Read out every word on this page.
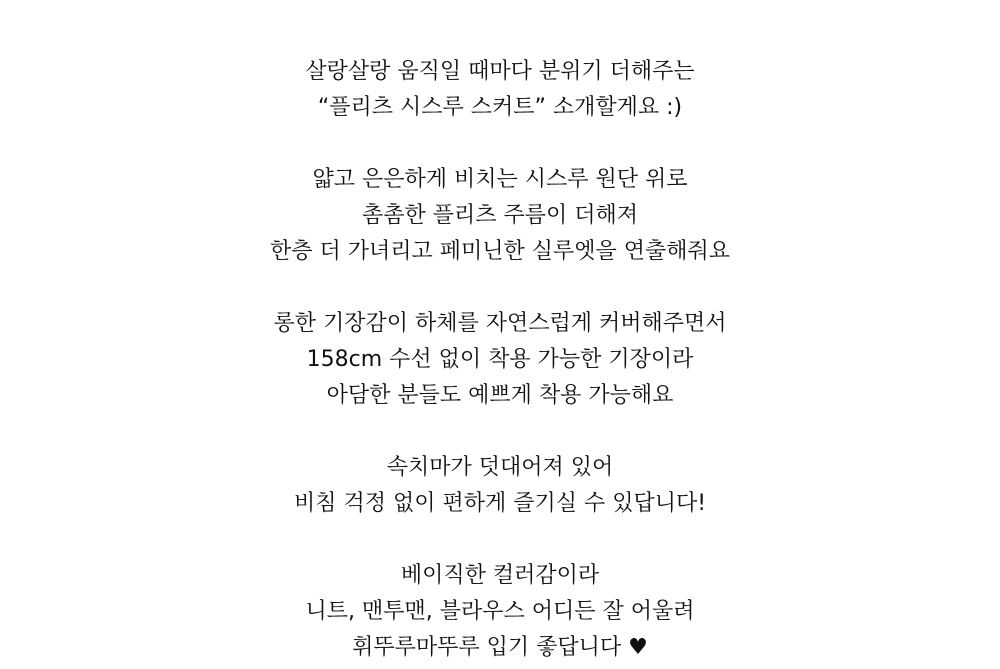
살랑살랑 움직일 때마다 분위기 더해주는
“플리츠 시스루 스커트” 소개할게요 :)
얇고 은은하게 비치는 시스루 원단 위로
촘촘한 플리츠 주름이 더해져
한층 더 가녀리고 페미닌한 실루엣을 연출해줘요
롱한 기장감이 하체를 자연스럽게 커버해주면서
158cm 수선 없이 착용 가능한 기장이라
아담한 분들도 예쁘게 착용 가능해요
속치마가 덧대어져 있어
비침 걱정 없이 편하게 즐기실 수 있답니다!
베이직한 컬러감이라
니트, 맨투맨, 블라우스 어디든 잘 어울려
휘뚜루마뚜루 입기 좋답니다 ♥
